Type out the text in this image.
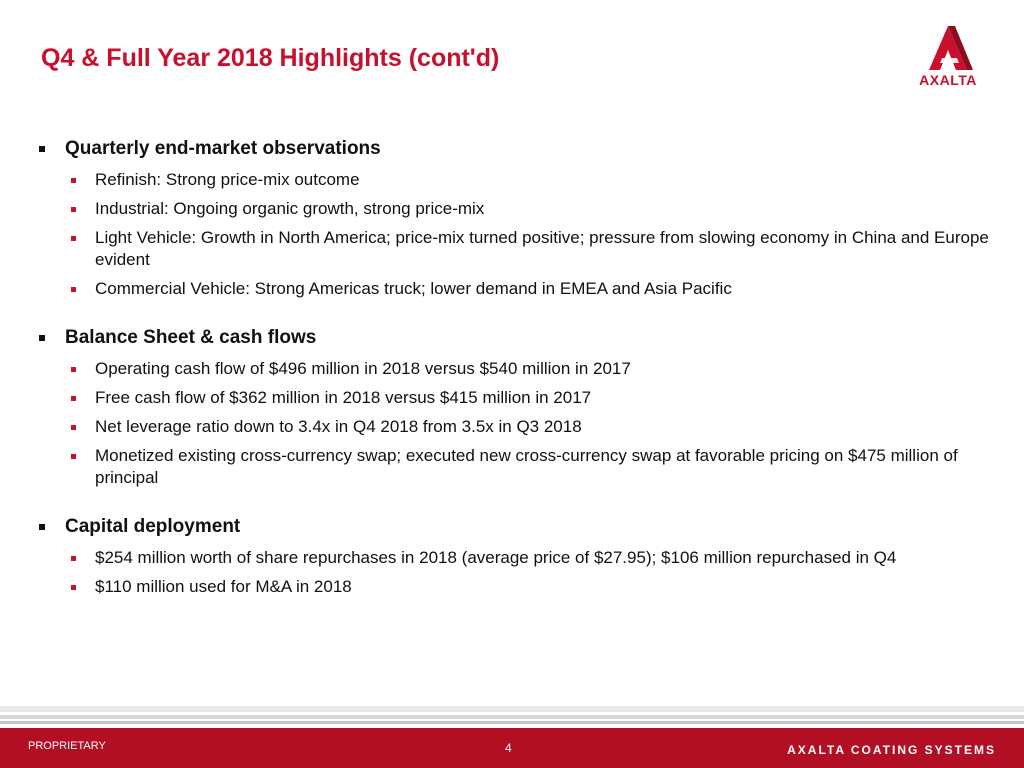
Q4 & Full Year 2018 Highlights (cont'd)
AXALTA
Quarterly end-market observations
Refinish: Strong price-mix outcome
Industrial: Ongoing organic growth, strong price-mix
Light Vehicle: Growth in North America; price-mix turned positive; pressure from slowing economy in China and Europe evident
Commercial Vehicle: Strong Americas truck; lower demand in EMEA and Asia Pacific
Balance Sheet & cash flows
Operating cash flow of $496 million in 2018 versus $540 million in 2017
Free cash flow of $362 million in 2018 versus $415 million in 2017
Net leverage ratio down to 3.4x in Q4 2018 from 3.5x in Q3 2018
Monetized existing cross-currency swap; executed new cross-currency swap at favorable pricing on $475 million of principal
Capital deployment
$254 million worth of share repurchases in 2018 (average price of $27.95); $106 million repurchased in Q4
$110 million used for M&A in 2018
PROPRIETARY	4	AXALTA COATING SYSTEMS
